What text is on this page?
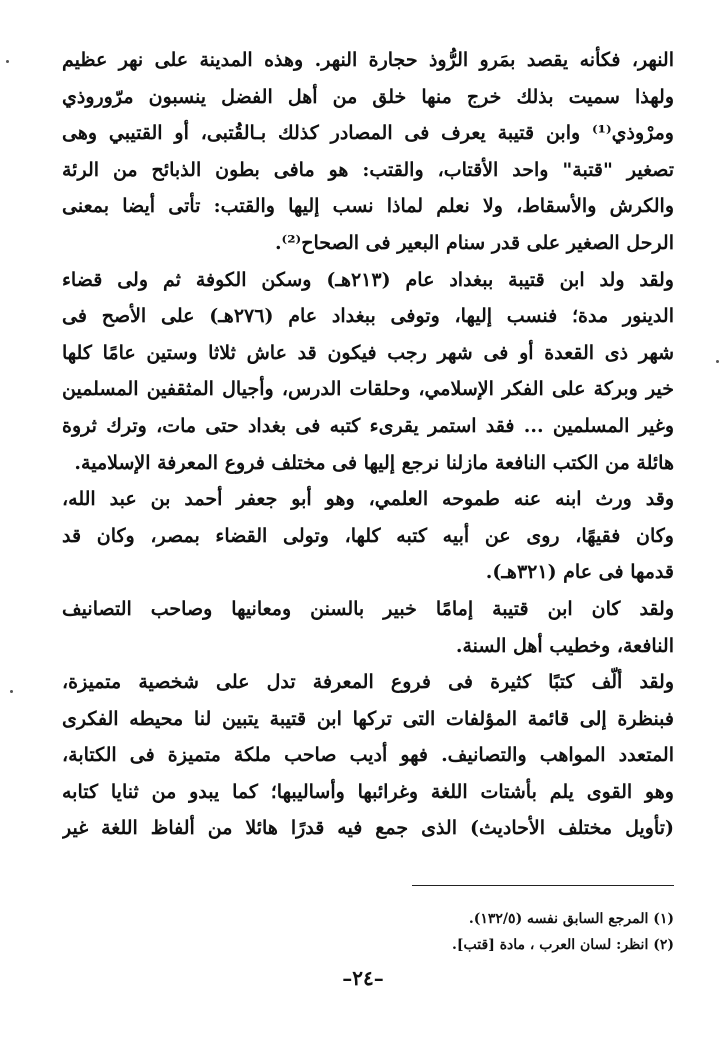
النهر، فكأنه يقصد بمَرو الرُّوذ حجارة النهر. وهذه المدينة على نهر عظيم
ولهذا سميت بذلك خرج منها خلق من أهل الفضل ينسبون مرّوروذي
ومرْوذي⁽¹⁾ وابن قتيبة يعرف فى المصادر كذلك بـالقُتبى، أو القتيبي وهى
تصغير "قتبة" واحد الأقتاب، والقتب: هو مافى بطون الذبائح من الرئة
والكرش والأسقاط، ولا نعلم لماذا نسب إليها والقتب: تأتى أيضا بمعنى
الرحل الصغير على قدر سنام البعير فى الصحاح⁽²⁾.
ولقد ولد ابن قتيبة ببغداد عام (٢١٣هـ) وسكن الكوفة ثم ولى قضاء
الدينور مدة؛ فنسب إليها، وتوفى ببغداد عام (٢٧٦هـ) على الأصح فى
شهر ذى القعدة أو فى شهر رجب فيكون قد عاش ثلاثا وستين عامًا كلها
خير وبركة على الفكر الإسلامي، وحلقات الدرس، وأجيال المثقفين المسلمين
وغير المسلمين ... فقد استمر يقرىء كتبه فى بغداد حتى مات، وترك ثروة
هائلة من الكتب النافعة مازلنا نرجع إليها فى مختلف فروع المعرفة الإسلامية.
وقد ورث ابنه عنه طموحه العلمي، وهو أبو جعفر أحمد بن عبد الله،
وكان فقيهًا، روى عن أبيه كتبه كلها، وتولى القضاء بمصر، وكان قد
قدمها فى عام (٣٢١هـ).
ولقد كان ابن قتيبة إمامًا خبير بالسنن ومعانيها وصاحب التصانيف
النافعة، وخطيب أهل السنة.
ولقد ألّف كتبًا كثيرة فى فروع المعرفة تدل على شخصية متميزة،
فبنظرة إلى قائمة المؤلفات التى تركها ابن قتيبة يتبين لنا محيطه الفكرى
المتعدد المواهب والتصانيف. فهو أديب صاحب ملكة متميزة فى الكتابة،
وهو القوى يلم بأشتات اللغة وغرائبها وأساليبها؛ كما يبدو من ثنايا كتابه
(تأويل مختلف الأحاديث) الذى جمع فيه قدرًا هائلا من ألفاظ اللغة غير
(١) المرجع السابق نفسه (١٣٢/٥).
(٢) انظر: لسان العرب ، مادة [قتب].
–٢٤–
